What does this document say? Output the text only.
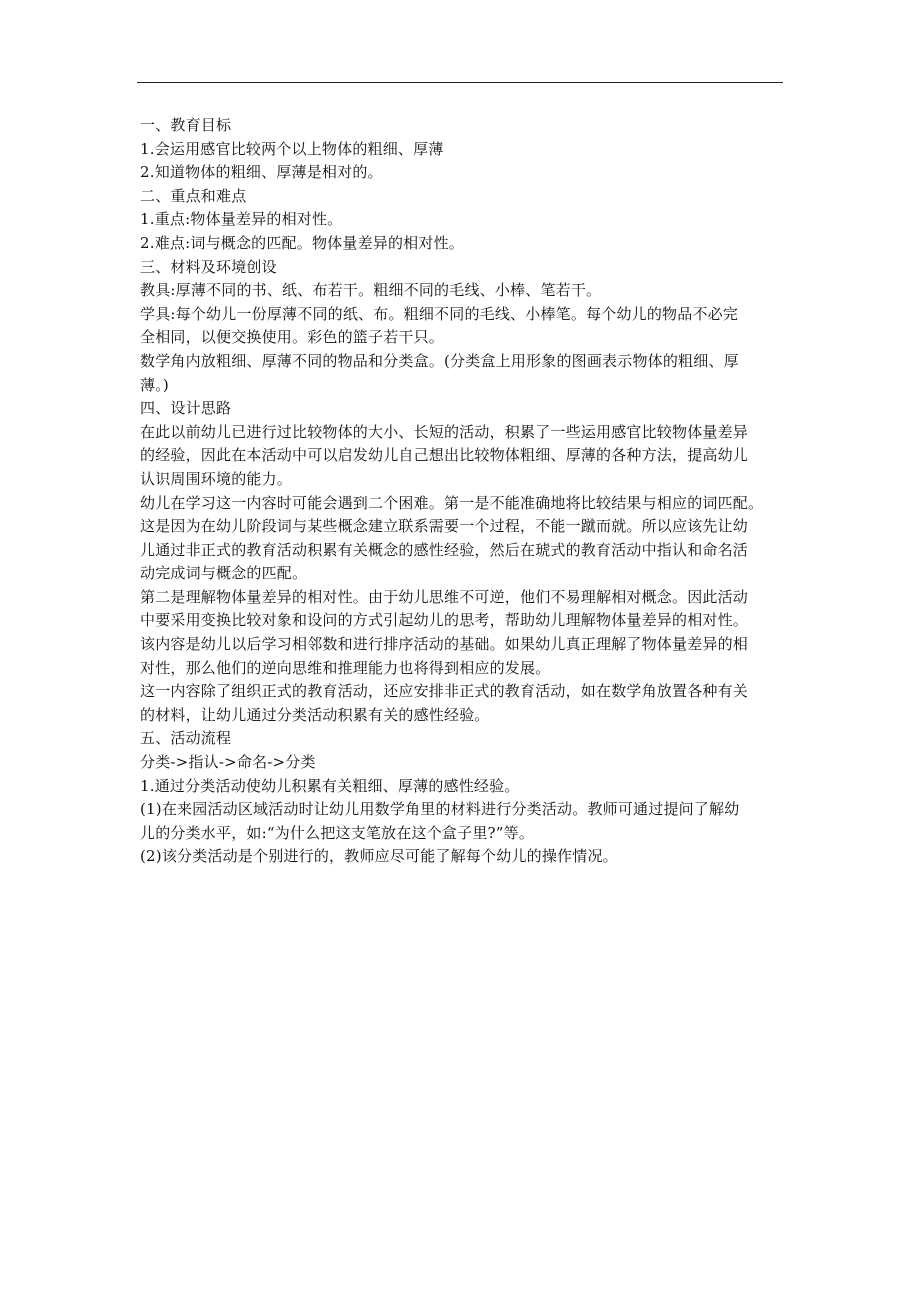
一、教育目标

1.会运用感官比较两个以上物体的粗细、厚薄

2.知道物体的粗细、厚薄是相对的。

二、重点和难点

1.重点:物体量差异的相对性。

2.难点:词与概念的匹配。物体量差异的相对性。

三、材料及环境创设

教具:厚薄不同的书、纸、布若干。粗细不同的毛线、小棒、笔若干。

学具:每个幼儿一份厚薄不同的纸、布。粗细不同的毛线、小棒笔。每个幼儿的物品不必完

全相同，以便交换使用。彩色的篮子若干只。

数学角内放粗细、厚薄不同的物品和分类盒。(分类盒上用形象的图画表示物体的粗细、厚

薄。)

四、设计思路

在此以前幼儿已进行过比较物体的大小、长短的活动，积累了一些运用感官比较物体量差异

的经验，因此在本活动中可以启发幼儿自己想出比较物体粗细、厚薄的各种方法，提高幼儿

认识周围环境的能力。

幼儿在学习这一内容时可能会遇到二个困难。第一是不能准确地将比较结果与相应的词匹配。

这是因为在幼儿阶段词与某些概念建立联系需要一个过程，不能一蹴而就。所以应该先让幼

儿通过非正式的教育活动积累有关概念的感性经验，然后在琥式的教育活动中指认和命名活

动完成词与概念的匹配。

第二是理解物体量差异的相对性。由于幼儿思维不可逆，他们不易理解相对概念。因此活动

中要采用变换比较对象和设问的方式引起幼儿的思考，帮助幼儿理解物体量差异的相对性。

该内容是幼儿以后学习相邻数和进行排序活动的基础。如果幼儿真正理解了物体量差异的相

对性，那么他们的逆向思维和推理能力也将得到相应的发展。

这一内容除了组织正式的教育活动，还应安排非正式的教育活动，如在数学角放置各种有关

的材料，让幼儿通过分类活动积累有关的感性经验。

五、活动流程

分类->指认->命名->分类

1.通过分类活动使幼儿积累有关粗细、厚薄的感性经验。

(1)在来园活动区域活动时让幼儿用数学角里的材料进行分类活动。教师可通过提问了解幼

儿的分类水平，如:“为什么把这支笔放在这个盒子里?”等。

(2)该分类活动是个别进行的，教师应尽可能了解每个幼儿的操作情况。
